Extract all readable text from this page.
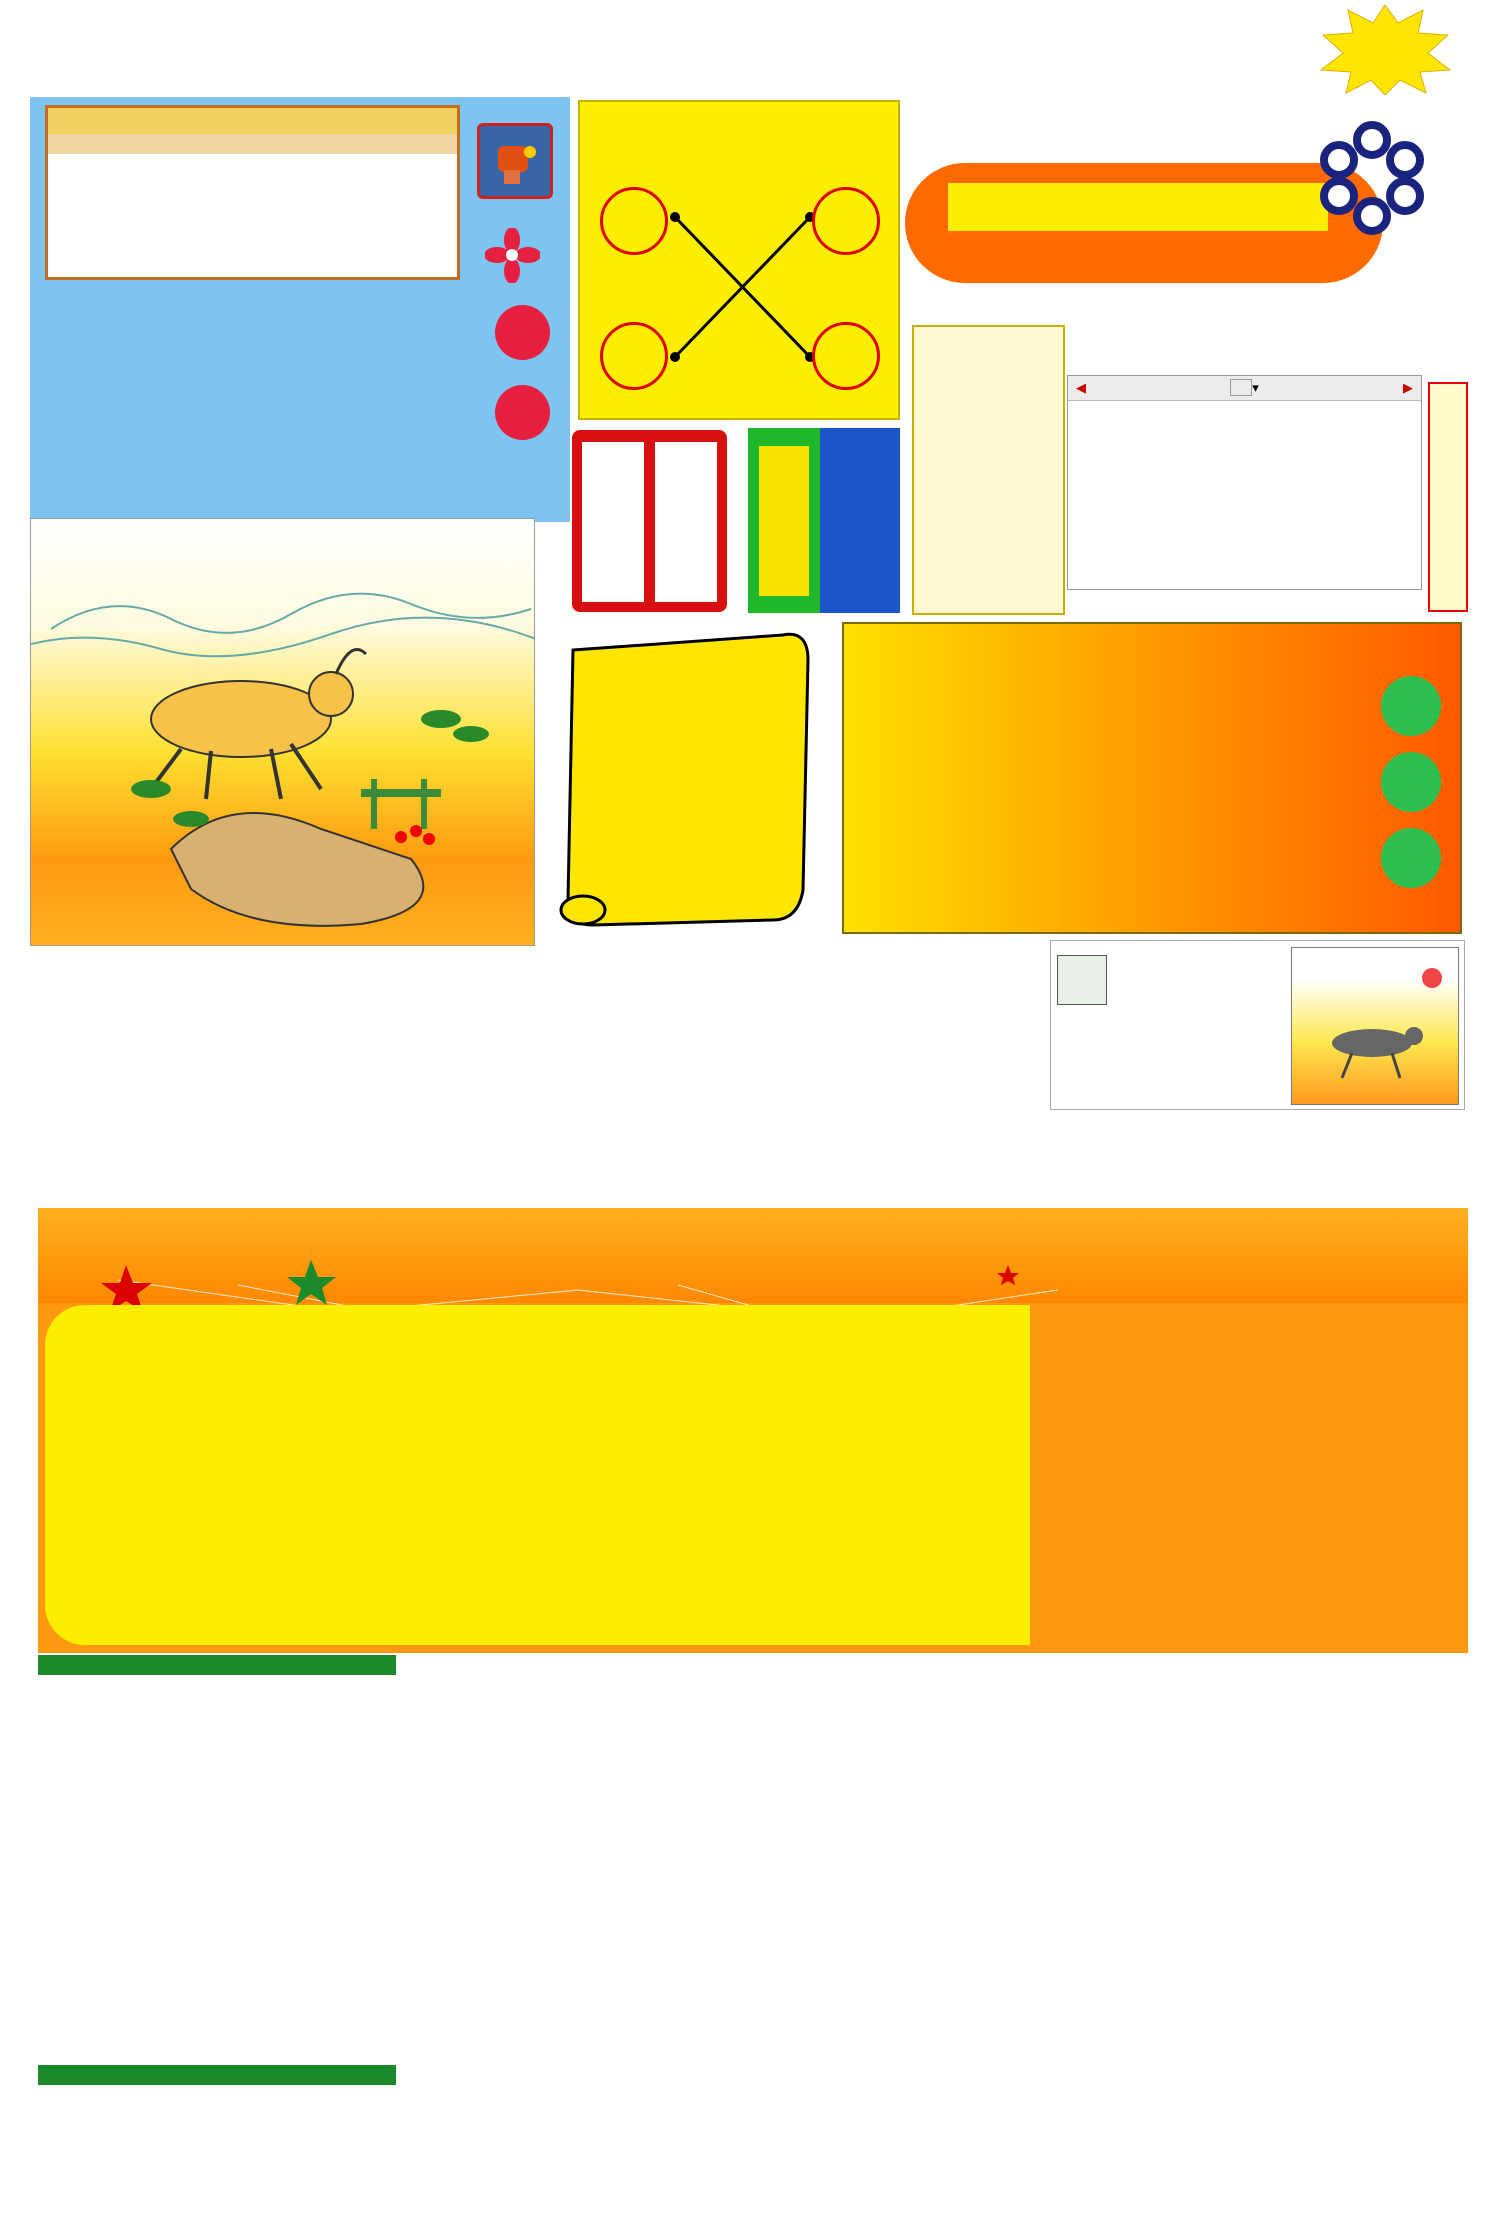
◀	▾	▶
